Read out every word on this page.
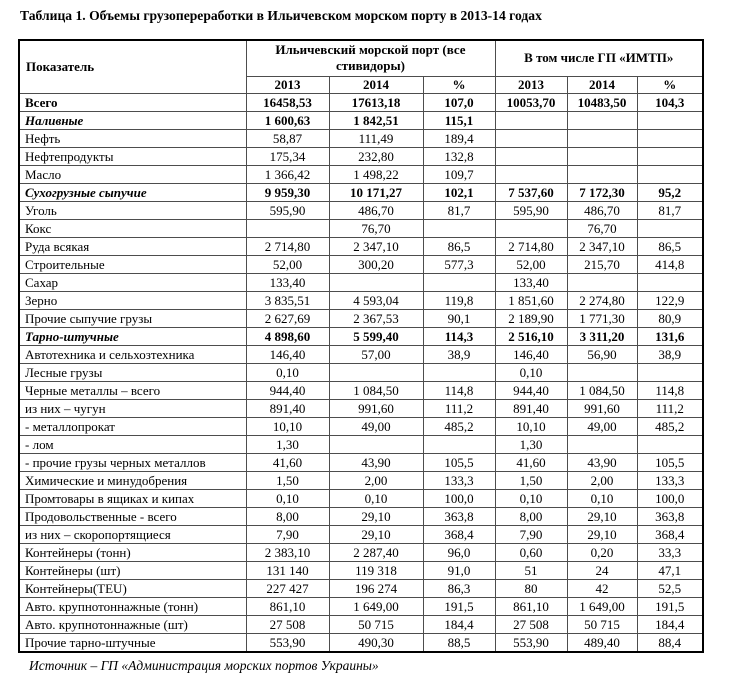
Таблица 1. Объемы грузопереработки в Ильичевском морском порту в 2013-14 годах
Показатель	Ильичевский морской порт (все стивидоры)			В том числе ГП «ИМТП»		
	2013	2014	%	2013	2014	%
Всего	16458,53	17613,18	107,0	10053,70	10483,50	104,3
Наливные	1 600,63	1 842,51	115,1			
Нефть	58,87	111,49	189,4			
Нефтепродукты	175,34	232,80	132,8			
Масло	1 366,42	1 498,22	109,7			
Сухогрузные сыпучие	9 959,30	10 171,27	102,1	7 537,60	7 172,30	95,2
Уголь	595,90	486,70	81,7	595,90	486,70	81,7
Кокс		76,70			76,70	
Руда всякая	2 714,80	2 347,10	86,5	2 714,80	2 347,10	86,5
Строительные	52,00	300,20	577,3	52,00	215,70	414,8
Сахар	133,40			133,40		
Зерно	3 835,51	4 593,04	119,8	1 851,60	2 274,80	122,9
Прочие сыпучие грузы	2 627,69	2 367,53	90,1	2 189,90	1 771,30	80,9
Тарно-штучные	4 898,60	5 599,40	114,3	2 516,10	3 311,20	131,6
Автотехника и сельхозтехника	146,40	57,00	38,9	146,40	56,90	38,9
Лесные грузы	0,10			0,10		
Черные металлы – всего	944,40	1 084,50	114,8	944,40	1 084,50	114,8
из них – чугун	891,40	991,60	111,2	891,40	991,60	111,2
- металлопрокат	10,10	49,00	485,2	10,10	49,00	485,2
- лом	1,30			1,30		
- прочие грузы черных металлов	41,60	43,90	105,5	41,60	43,90	105,5
Химические и минудобрения	1,50	2,00	133,3	1,50	2,00	133,3
Промтовары в ящиках и кипах	0,10	0,10	100,0	0,10	0,10	100,0
Продовольственные - всего	8,00	29,10	363,8	8,00	29,10	363,8
из них – скоропортящиеся	7,90	29,10	368,4	7,90	29,10	368,4
Контейнеры (тонн)	2 383,10	2 287,40	96,0	0,60	0,20	33,3
Контейнеры (шт)	131 140	119 318	91,0	51	24	47,1
Контейнеры(TEU)	227 427	196 274	86,3	80	42	52,5
Авто. крупнотоннажные (тонн)	861,10	1 649,00	191,5	861,10	1 649,00	191,5
Авто. крупнотоннажные (шт)	27 508	50 715	184,4	27 508	50 715	184,4
Прочие тарно-штучные	553,90	490,30	88,5	553,90	489,40	88,4
Источник – ГП «Администрация морских портов Украины»
